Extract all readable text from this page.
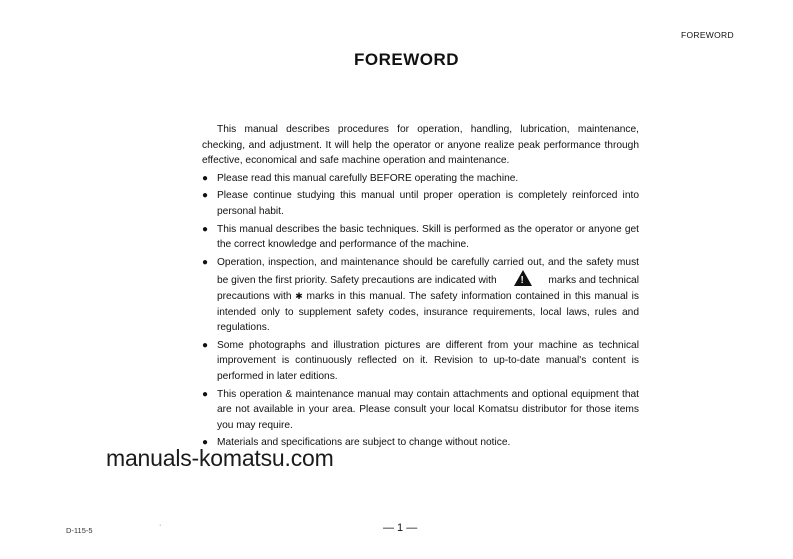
FOREWORD
FOREWORD

This manual describes procedures for operation, handling, lubrication, maintenance, checking, and adjustment. It will help the operator or anyone realize peak performance through effective, economical and safe machine operation and maintenance.

● Please read this manual carefully BEFORE operating the machine.
● Please continue studying this manual until proper operation is completely reinforced into personal habit.
● This manual describes the basic techniques. Skill is performed as the operator or anyone get the correct knowledge and performance of the machine.
● Operation, inspection, and maintenance should be carefully carried out, and the safety must be given the first priority. Safety precautions are indicated with !	marks and technical precautions with ✱ marks in this manual. The safety information contained in this manual is intended only to supplement safety codes, insurance requirements, local laws, rules and regulations.
● Some photographs and illustration pictures are different from your machine as technical improvement is continuously reflected on it. Revision to up-to-date manual's content is performed in later editions.
● This operation & maintenance manual may contain attachments and optional equipment that are not available in your area. Please consult your local Komatsu distributor for those items you may require.
● Materials and specifications are subject to change without notice.
manuals-komatsu.com
D-115-5
·	— 1 —
